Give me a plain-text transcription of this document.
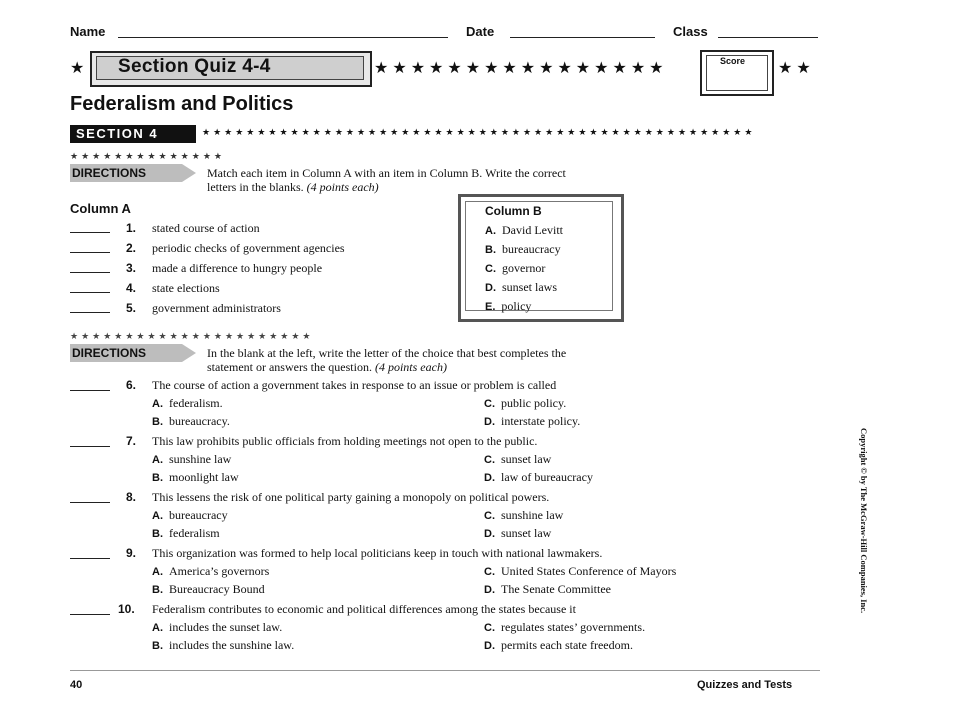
Name	Date	Class
★ Section Quiz 4-4	★★★★★★★★★★★★★★★★	Score ★★
Federalism and Politics
SECTION 4	★★★★★★★★★★★★★★★★★★★★★★★★★★★★★★★★★★★★★★★★★★★★★★★★★★
★★★★★★★★★★★★★★
DIRECTIONS	Match each item in Column A with an item in Column B. Write the correct
letters in the blanks. (4 points each)
Column A
1. stated course of action
2. periodic checks of government agencies
3. made a difference to hungry people
4. state elections
5. government administrators
Column B
A. David Levitt
B. bureaucracy
C. governor
D. sunset laws
E. policy
★★★★★★★★★★★★★★★★★★★★★★
DIRECTIONS	In the blank at the left, write the letter of the choice that best completes the
statement or answers the question. (4 points each)
6. The course of action a government takes in response to an issue or problem is called
A. federalism.	C. public policy.
B. bureaucracy.	D. interstate policy.
7. This law prohibits public officials from holding meetings not open to the public.
A. sunshine law	C. sunset law
B. moonlight law	D. law of bureaucracy
8. This lessens the risk of one political party gaining a monopoly on political powers.
A. bureaucracy	C. sunshine law
B. federalism	D. sunset law
9. This organization was formed to help local politicians keep in touch with national lawmakers.
A. America’s governors	C. United States Conference of Mayors
B. Bureaucracy Bound	D. The Senate Committee
10. Federalism contributes to economic and political differences among the states because it
A. includes the sunset law.	C. regulates states’ governments.
B. includes the sunshine law.	D. permits each state freedom.
Copyright © by The McGraw-Hill Companies, Inc.
40	Quizzes and Tests
